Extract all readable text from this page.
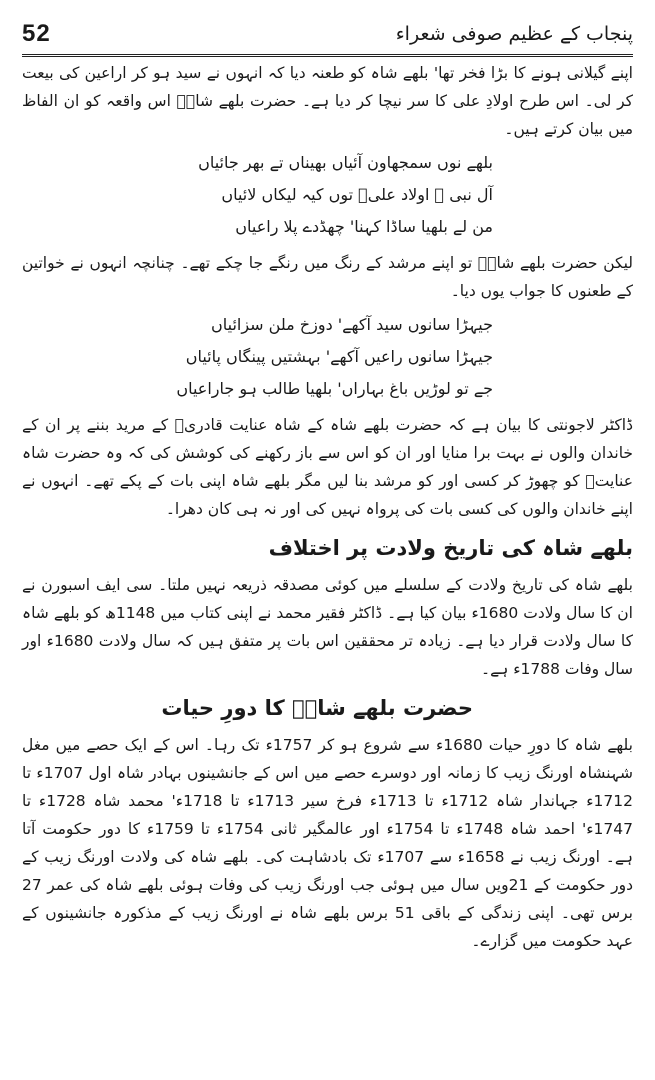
52	پنجاب کے عظیم صوفی شعراء

اپنے گیلانی ہونے کا بڑا فخر تھا' بلھے شاہ کو طعنہ دیا کہ انہوں نے سید ہو کر اراعین کی بیعت کر لی۔ اس طرح اولادِ علی کا سر نیچا کر دیا ہے۔ حضرت بلھے شاہؒ اس واقعہ کو ان الفاظ میں بیان کرتے ہیں۔

بلھے نوں سمجھاون آئیاں بھیناں تے بھر جائیاں

آل نبی ﷺ اولاد علیؑ توں کیہ لیکاں لائیاں

من لے بلھیا ساڈا کہنا' چھڈدے پلا راعیاں

لیکن حضرت بلھے شاہؒ تو اپنے مرشد کے رنگ میں رنگے جا چکے تھے۔ چنانچہ انہوں نے خواتین کے طعنوں کا جواب یوں دیا۔

جیہڑا سانوں سید آکھے' دوزخ ملن سزائیاں

جیہڑا سانوں راعیں آکھے' بہشتیں پینگاں پائیاں

جے تو لوڑیں باغ بہاراں' بلھیا طالب ہو جاراعیاں

ڈاکٹر لاجونتی کا بیان ہے کہ حضرت بلھے شاہ کے شاہ عنایت قادریؒ کے مرید بننے پر ان کے خاندان والوں نے بہت برا منایا اور ان کو اس سے باز رکھنے کی کوشش کی کہ وہ حضرت شاہ عنایتؒ کو چھوڑ کر کسی اور کو مرشد بنا لیں مگر بلھے شاہ اپنی بات کے پکے تھے۔ انہوں نے اپنے خاندان والوں کی کسی بات کی پرواہ نہیں کی اور نہ ہی کان دھرا۔

بلھے شاہ کی تاریخ ولادت پر اختلاف

بلھے شاہ کی تاریخ ولادت کے سلسلے میں کوئی مصدقہ ذریعہ نہیں ملتا۔ سی ایف اسبورن نے ان کا سال ولادت 1680ء بیان کیا ہے۔ ڈاکٹر فقیر محمد نے اپنی کتاب میں 1148ھ کو بلھے شاہ کا سال ولادت قرار دیا ہے۔ زیادہ تر محققین اس بات پر متفق ہیں کہ سال ولادت 1680ء اور سال وفات 1788ء ہے۔

حضرت بلھے شاہؒ کا دورِ حیات

بلھے شاہ کا دورِ حیات 1680ء سے شروع ہو کر 1757ء تک رہا۔ اس کے ایک حصے میں مغل شہنشاہ اورنگ زیب کا زمانہ اور دوسرے حصے میں اس کے جانشینوں بہادر شاہ اول 1707ء تا 1712ء جہاندار شاہ 1712ء تا 1713ء فرخ سیر 1713ء تا 1718ء' محمد شاہ 1728ء تا 1747ء' احمد شاہ 1748ء تا 1754ء اور عالمگیر ثانی 1754ء تا 1759ء کا دور حکومت آتا ہے۔ اورنگ زیب نے 1658ء سے 1707ء تک بادشاہت کی۔ بلھے شاہ کی ولادت اورنگ زیب کے دور حکومت کے 21ویں سال میں ہوئی جب اورنگ زیب کی وفات ہوئی بلھے شاہ کی عمر 27 برس تھی۔ اپنی زندگی کے باقی 51 برس بلھے شاہ نے اورنگ زیب کے مذکورہ جانشینوں کے عہد حکومت میں گزارے۔
